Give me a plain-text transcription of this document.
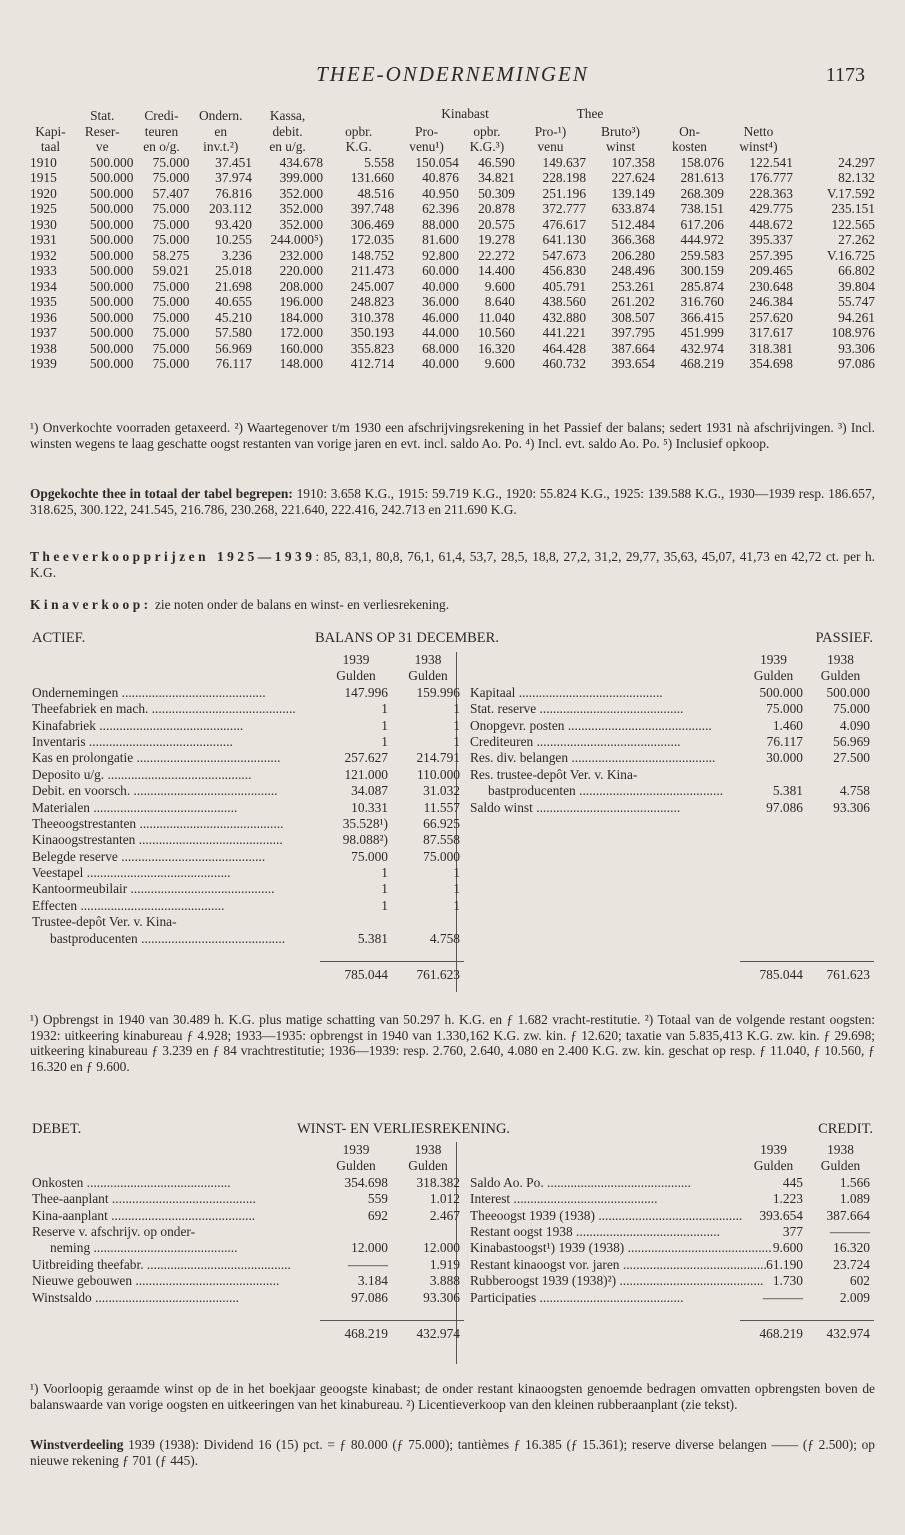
THEE-ONDERNEMINGEN	1173
Kinabast	Thee
	Stat.	Credi-	Ondern.	Kassa,								
Kapi-	Reser-	teuren	en	debit.	opbr.	Pro-	opbr.	Pro-¹)	Bruto³)	On-	Netto	
taal	ve	en o/g.	inv.t.²)	en u/g.	K.G.	venu¹)	K.G.³)	venu	winst	kosten	winst⁴)	
1910	500.000	75.000	37.451	434.678	5.558	150.054	46.590	149.637	107.358	158.076	122.541	24.297
1915	500.000	75.000	37.974	399.000	131.660	40.876	34.821	228.198	227.624	281.613	176.777	82.132
1920	500.000	57.407	76.816	352.000	48.516	40.950	50.309	251.196	139.149	268.309	228.363	V.17.592
1925	500.000	75.000	203.112	352.000	397.748	62.396	20.878	372.777	633.874	738.151	429.775	235.151
1930	500.000	75.000	93.420	352.000	306.469	88.000	20.575	476.617	512.484	617.206	448.672	122.565
1931	500.000	75.000	10.255	244.000⁵)	172.035	81.600	19.278	641.130	366.368	444.972	395.337	27.262
1932	500.000	58.275	3.236	232.000	148.752	92.800	22.272	547.673	206.280	259.583	257.395	V.16.725
1933	500.000	59.021	25.018	220.000	211.473	60.000	14.400	456.830	248.496	300.159	209.465	66.802
1934	500.000	75.000	21.698	208.000	245.007	40.000	9.600	405.791	253.261	285.874	230.648	39.804
1935	500.000	75.000	40.655	196.000	248.823	36.000	8.640	438.560	261.202	316.760	246.384	55.747
1936	500.000	75.000	45.210	184.000	310.378	46.000	11.040	432.880	308.507	366.415	257.620	94.261
1937	500.000	75.000	57.580	172.000	350.193	44.000	10.560	441.221	397.795	451.999	317.617	108.976
1938	500.000	75.000	56.969	160.000	355.823	68.000	16.320	464.428	387.664	432.974	318.381	93.306
1939	500.000	75.000	76.117	148.000	412.714	40.000	9.600	460.732	393.654	468.219	354.698	97.086
¹) Onverkochte voorraden getaxeerd. ²) Waartegenover t/m 1930 een afschrijvingsrekening in het Passief der balans; sedert 1931 nà afschrijvingen. ³) Incl. winsten wegens te laag geschatte oogst restanten van vorige jaren en evt. incl. saldo Ao. Po. ⁴) Incl. evt. saldo Ao. Po. ⁵) Inclusief opkoop.
Opgekochte thee in totaal der tabel begrepen: 1910: 3.658 K.G., 1915: 59.719 K.G., 1920: 55.824 K.G., 1925: 139.588 K.G., 1930—1939 resp. 186.657, 318.625, 300.122, 241.545, 216.786, 230.268, 221.640, 222.416, 242.713 en 211.690 K.G.
Theeverkoopprijzen 1925—1939: 85, 83,1, 80,8, 76,1, 61,4, 53,7, 28,5, 18,8, 27,2, 31,2, 29,77, 35,63, 45,07, 41,73 en 42,72 ct. per h. K.G.
Kinaverkoop: zie noten onder de balans en winst- en verliesrekening.
ACTIEF.	BALANS OP 31 DECEMBER.	PASSIEF.
1939
Gulden
1938
Gulden
Ondernemingen ...........................................	147.996	159.996
Theefabriek en mach. ...........................................	1	1
Kinafabriek ...........................................	1	1
Inventaris ...........................................	1	1
Kas en prolongatie ...........................................	257.627	214.791
Deposito u/g. ...........................................	121.000	110.000
Debit. en voorsch. ...........................................	34.087	31.032
Materialen ...........................................	10.331	11.557
Theeoogstrestanten ...........................................	35.528¹)	66.925
Kinaoogstrestanten ...........................................	98.088²)	87.558
Belegde reserve ...........................................	75.000	75.000
Veestapel ...........................................	1	1
Kantoormeubilair ...........................................	1	1
Effecten ...........................................	1	1
Trustee-depôt Ver. v. Kina-
bastproducenten ...........................................	5.381	4.758
785.044	761.623
1939
Gulden
1938
Gulden
Kapitaal ...........................................	500.000	500.000
Stat. reserve ...........................................	75.000	75.000
Onopgevr. posten ...........................................	1.460	4.090
Crediteuren ...........................................	76.117	56.969
Res. div. belangen ...........................................	30.000	27.500
Res. trustee-depôt Ver. v. Kina-
bastproducenten ...........................................	5.381	4.758
Saldo winst ...........................................	97.086	93.306
785.044	761.623
¹) Opbrengst in 1940 van 30.489 h. K.G. plus matige schatting van 50.297 h. K.G. en ƒ 1.682 vracht-restitutie. ²) Totaal van de volgende restant oogsten: 1932: uitkeering kinabureau ƒ 4.928; 1933—1935: opbrengst in 1940 van 1.330,162 K.G. zw. kin. ƒ 12.620; taxatie van 5.835,413 K.G. zw. kin. ƒ 29.698; uitkeering kinabureau ƒ 3.239 en ƒ 84 vrachtrestitutie; 1936—1939: resp. 2.760, 2.640, 4.080 en 2.400 K.G. zw. kin. geschat op resp. ƒ 11.040, ƒ 10.560, ƒ 16.320 en ƒ 9.600.
DEBET.	WINST- EN VERLIESREKENING.	CREDIT.
1939
Gulden
1938
Gulden
Onkosten ...........................................	354.698	318.382
Thee-aanplant ...........................................	559	1.012
Kina-aanplant ...........................................	692	2.467
Reserve v. afschrijv. op onder-
neming ...........................................	12.000	12.000
Uitbreiding theefabr. ...........................................	———	1.919
Nieuwe gebouwen ...........................................	3.184	3.888
Winstsaldo ...........................................	97.086	93.306
468.219	432.974
1939
Gulden
1938
Gulden
Saldo Ao. Po. ...........................................	445	1.566
Interest ...........................................	1.223	1.089
Theeoogst 1939 (1938) ...........................................	393.654	387.664
Restant oogst 1938 ...........................................	377	———
Kinabastoogst¹) 1939 (1938) ........................................... 9.600	16.320
Restant kinaoogst vor. jaren ........................................... 61.190	23.724
Rubberoogst 1939 (1938)²) ........................................... 1.730	602
Participaties ...........................................	———	2.009
468.219	432.974
¹) Voorloopig geraamde winst op de in het boekjaar geoogste kinabast; de onder restant kinaoogsten genoemde bedragen omvatten opbrengsten boven de balanswaarde van vorige oogsten en uitkeeringen van het kinabureau. ²) Licentieverkoop van den kleinen rubberaanplant (zie tekst).
Winstverdeeling 1939 (1938): Dividend 16 (15) pct. = ƒ 80.000 (ƒ 75.000); tantièmes ƒ 16.385 (ƒ 15.361); reserve diverse belangen —— (ƒ 2.500); op nieuwe rekening ƒ 701 (ƒ 445).
